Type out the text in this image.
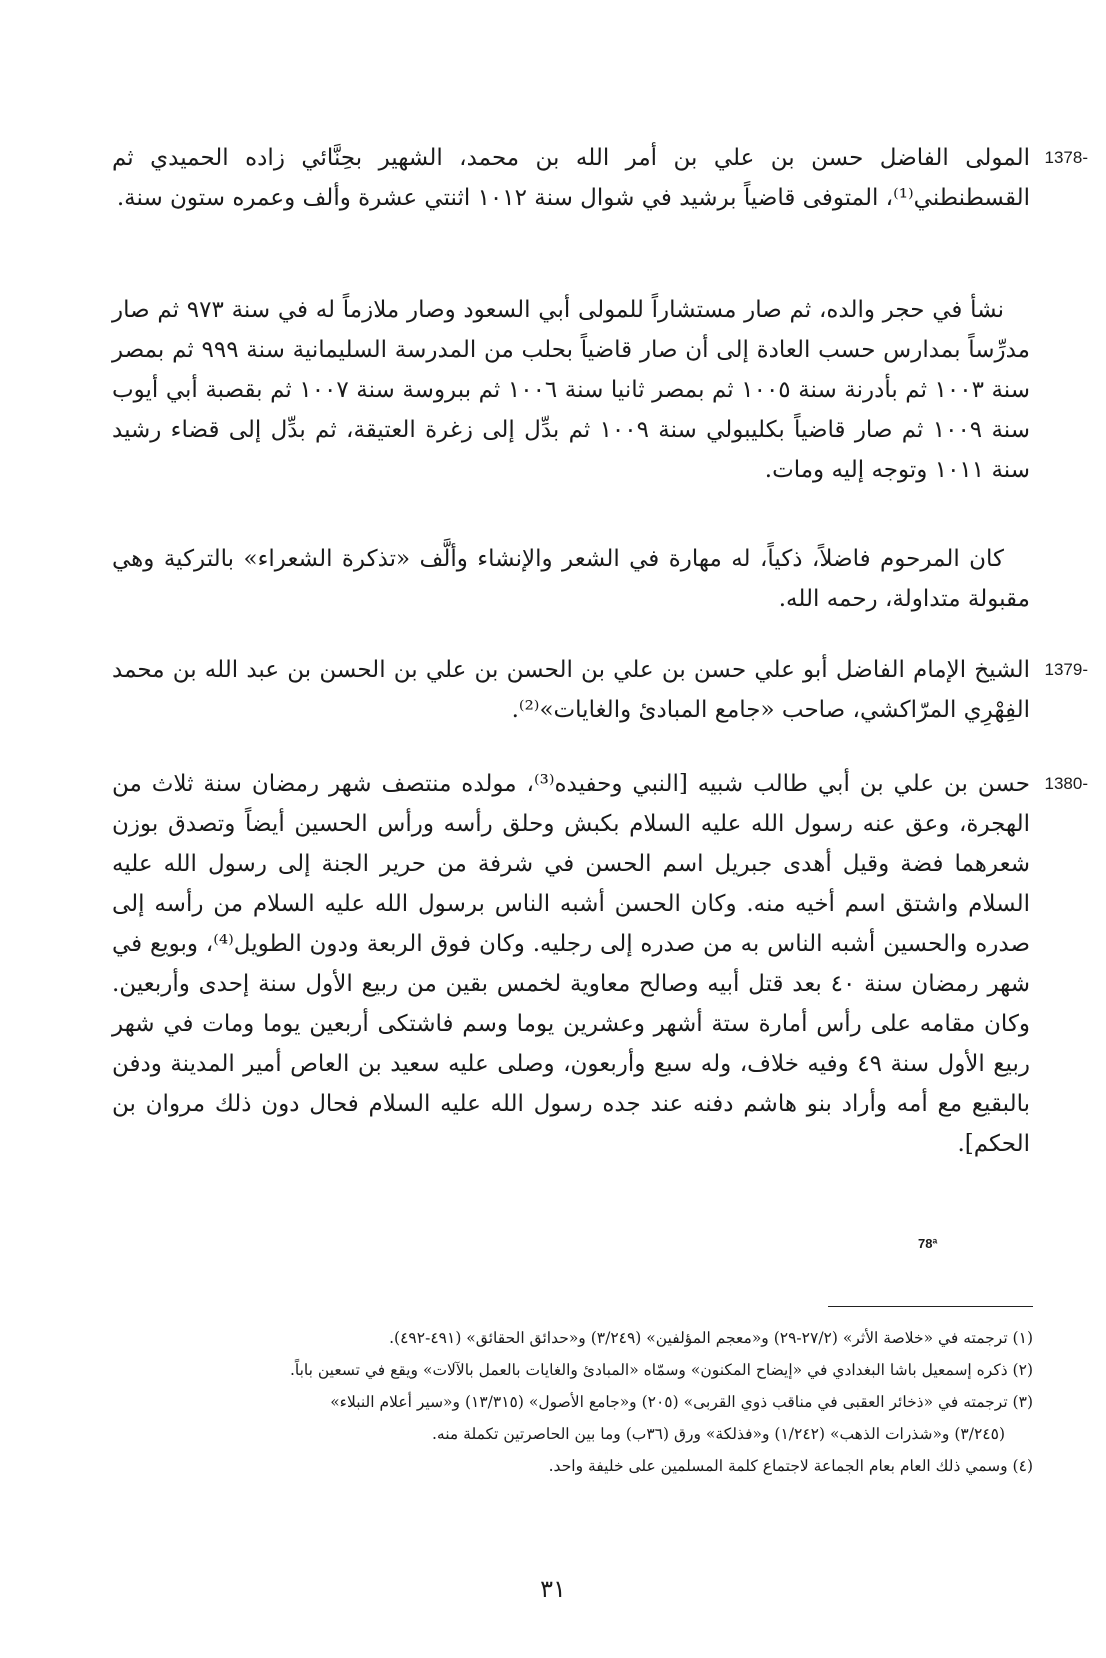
1378-

المولى الفاضل حسن بن علي بن أمر الله بن محمد، الشهير بحِنَّائي زاده الحميدي ثم القسطنطني⁽¹⁾، المتوفى قاضياً برشيد في شوال سنة ١٠١٢ اثنتي عشرة وألف وعمره ستون سنة.

نشأ في حجر والده، ثم صار مستشاراً للمولى أبي السعود وصار ملازماً له في سنة ٩٧٣ ثم صار مدرِّساً بمدارس حسب العادة إلى أن صار قاضياً بحلب من المدرسة السليمانية سنة ٩٩٩ ثم بمصر سنة ١٠٠٣ ثم بأدرنة سنة ١٠٠٥ ثم بمصر ثانيا سنة ١٠٠٦ ثم ببروسة سنة ١٠٠٧ ثم بقصبة أبي أيوب سنة ١٠٠٩ ثم صار قاضياً بكليبولي سنة ١٠٠٩ ثم بدِّل إلى زغرة العتيقة، ثم بدِّل إلى قضاء رشيد سنة ١٠١١ وتوجه إليه ومات.

كان المرحوم فاضلاً، ذكياً، له مهارة في الشعر والإنشاء وألَّف «تذكرة الشعراء» بالتركية وهي مقبولة متداولة، رحمه الله.

1379-

الشيخ الإمام الفاضل أبو علي حسن بن علي بن الحسن بن علي بن الحسن بن عبد الله بن محمد الفِهْرِي المرّاكشي، صاحب «جامع المبادئ والغايات»⁽²⁾.

1380-

حسن بن علي بن أبي طالب شبيه [النبي وحفيده⁽³⁾، مولده منتصف شهر رمضان سنة ثلاث من الهجرة، وعق عنه رسول الله عليه السلام بكبش وحلق رأسه ورأس الحسين أيضاً وتصدق بوزن شعرهما فضة وقيل أهدى جبريل اسم الحسن في شرفة من حرير الجنة إلى رسول الله عليه السلام واشتق اسم أخيه منه. وكان الحسن أشبه الناس برسول الله عليه السلام من رأسه إلى صدره والحسين أشبه الناس به من صدره إلى رجليه. وكان فوق الربعة ودون الطويل⁽⁴⁾، وبويع في شهر رمضان سنة ٤٠ بعد قتل أبيه وصالح معاوية لخمس بقين من ربيع الأول سنة إحدى وأربعين. وكان مقامه على رأس أمارة ستة أشهر وعشرين يوما وسم فاشتكى أربعين يوما ومات في شهر ربيع الأول سنة ٤٩ وفيه خلاف، وله سبع وأربعون، وصلى عليه سعيد بن العاص أمير المدينة ودفن بالبقيع مع أمه وأراد بنو هاشم دفنه عند جده رسول الله عليه السلام فحال دون ذلك مروان بن الحكم].

78ª

(١) ترجمته في «خلاصة الأثر» (٢٧/٢-٢٩) و«معجم المؤلفين» (٣/٢٤٩) و«حدائق الحقائق» (٤٩١-٤٩٢).

(٢) ذكره إسمعيل باشا البغدادي في «إيضاح المكنون» وسمّاه «المبادئ والغايات بالعمل بالآلات» ويقع في تسعين باباً.

(٣) ترجمته في «ذخائر العقبى في مناقب ذوي القربى» (٢٠٥) و«جامع الأصول» (١٣/٣١٥) و«سير أعلام النبلاء»

(٣/٢٤٥) و«شذرات الذهب» (١/٢٤٢) و«فذلكة» ورق (٣٦ب) وما بين الحاصرتين تكملة منه.

(٤) وسمي ذلك العام بعام الجماعة لاجتماع كلمة المسلمين على خليفة واحد.

٣١
